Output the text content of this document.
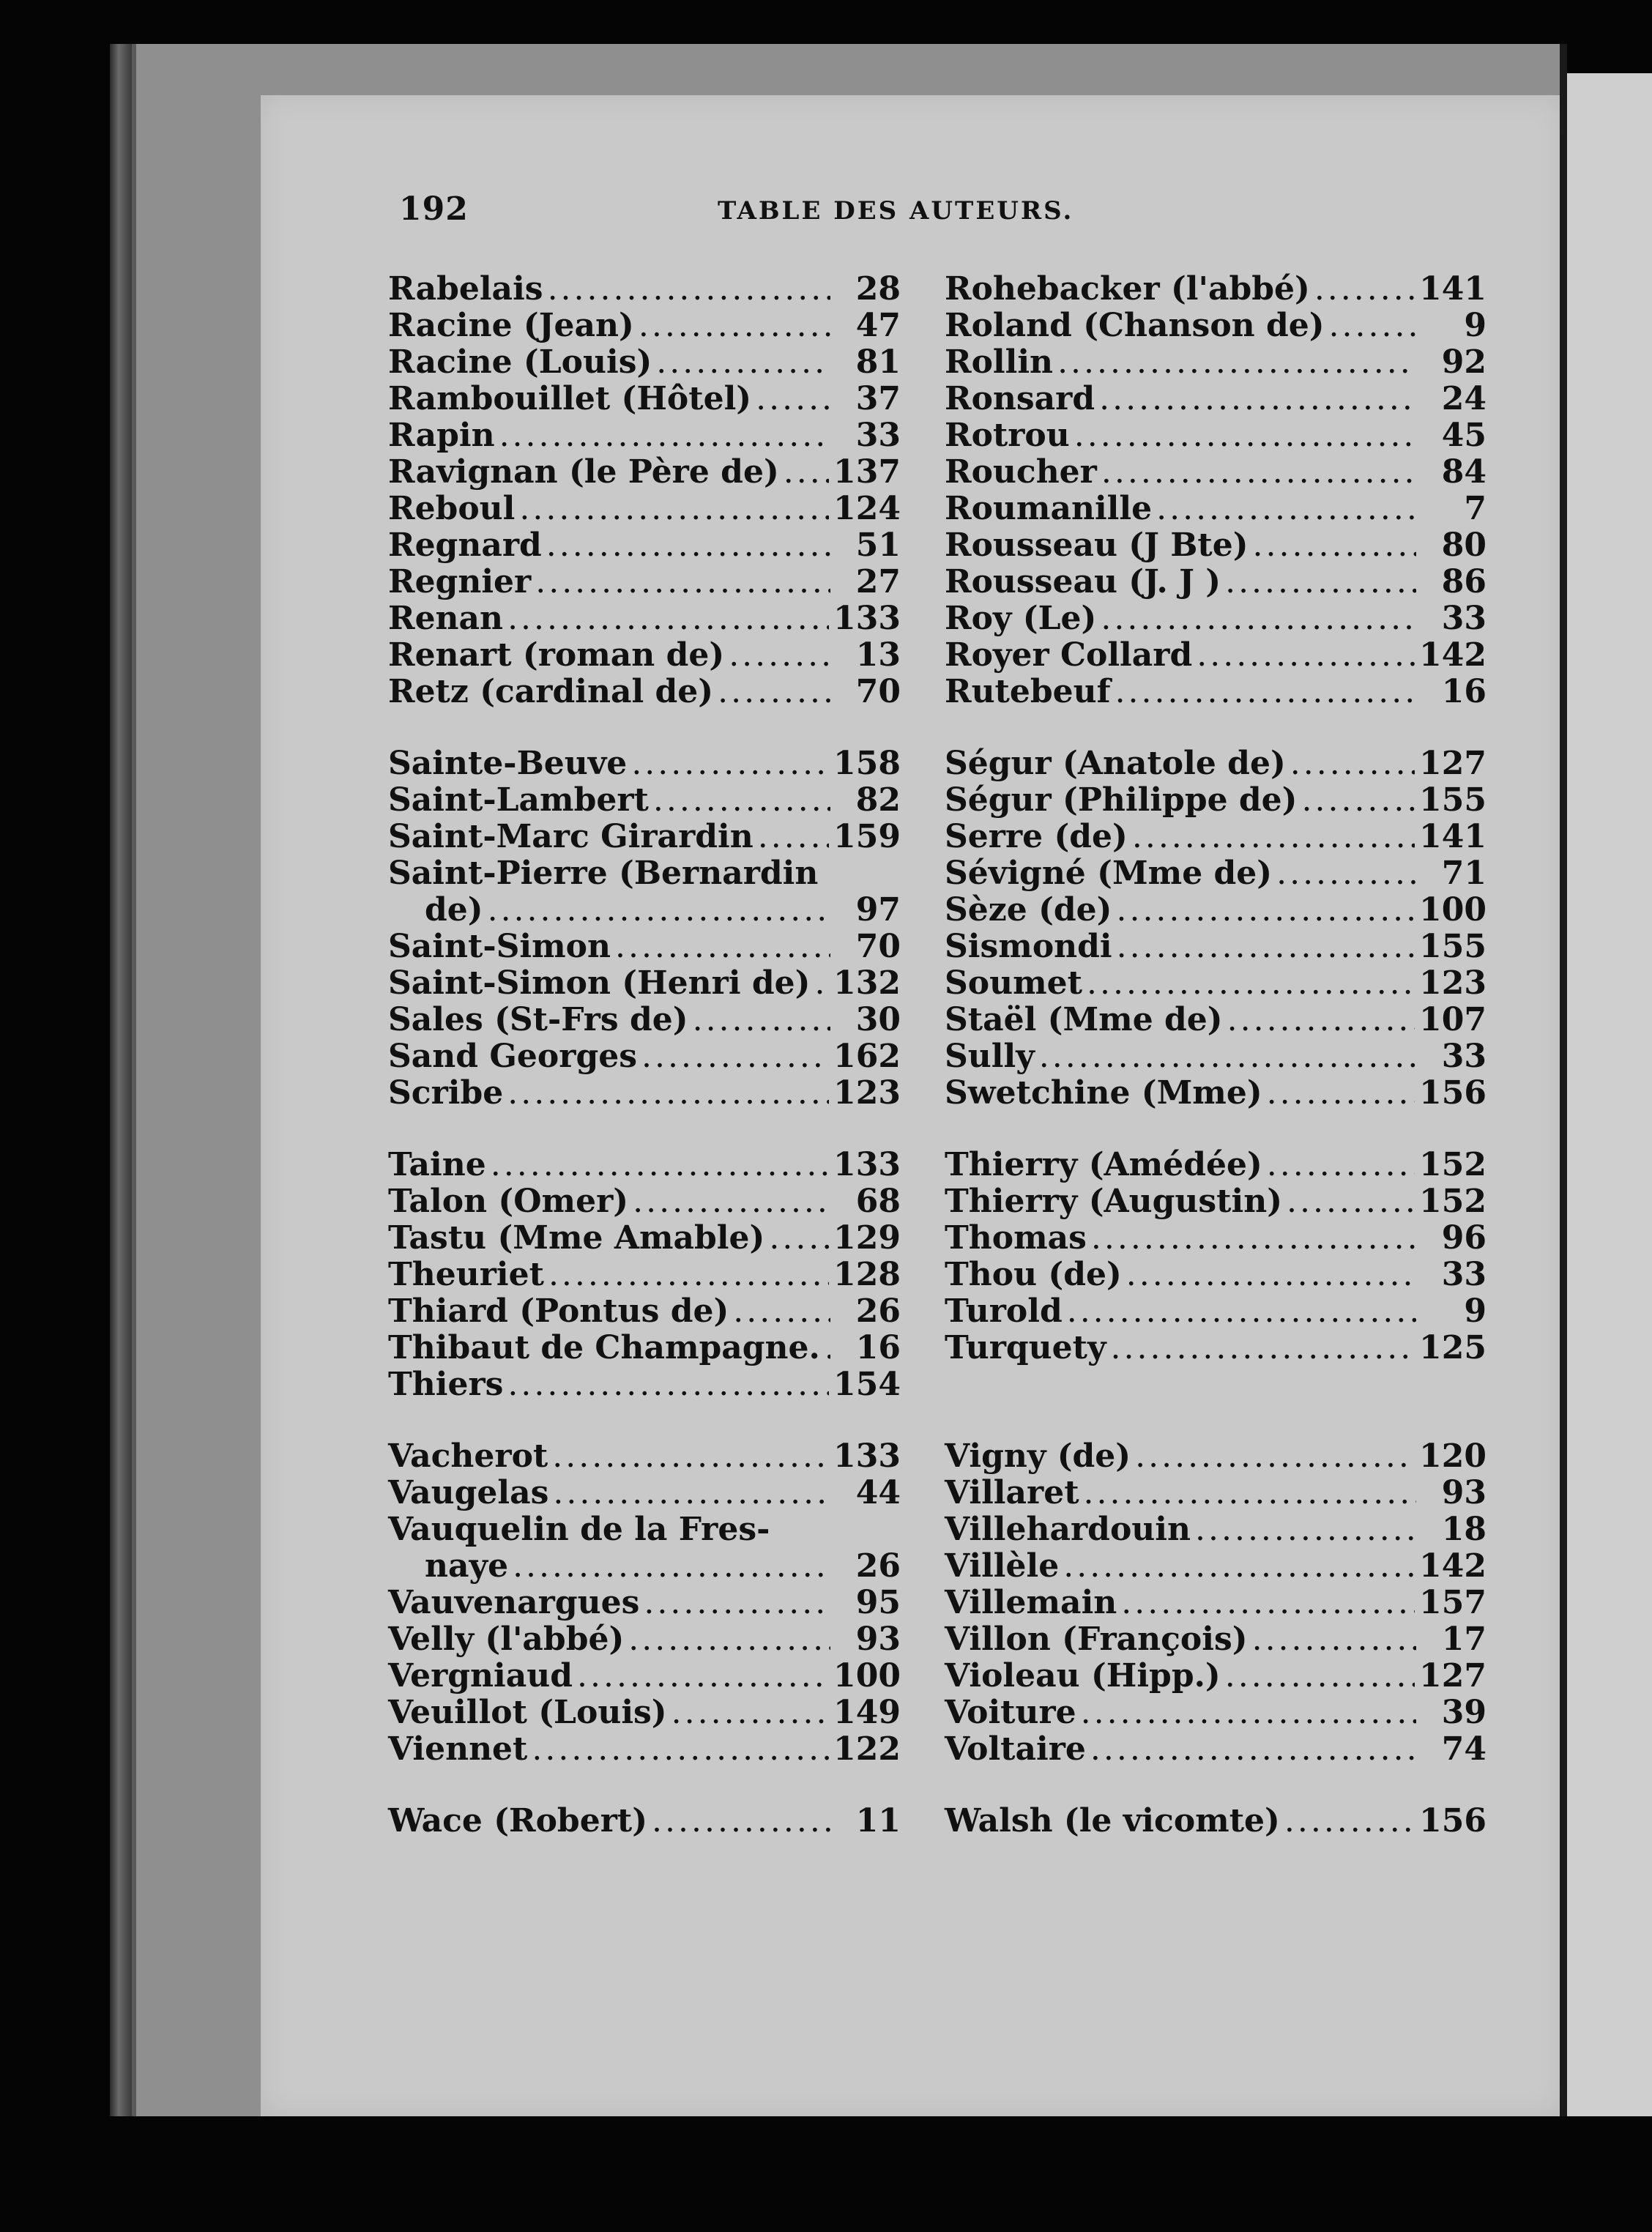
192	TABLE DES AUTEURS.
Rabelais .....	28
Racine (Jean) .....	47
Racine (Louis) .....	81
Rambouillet (Hôtel) .....	37
Rapin .....	33
Ravignan (le Père de) ..... 137
Reboul .....	124
Regnard .....	51
Regnier .....	27
Renan .....	133
Renart (roman de) .....	13
Retz (cardinal de) .....	70
Sainte-Beuve .....	158
Saint-Lambert .....	82
Saint-Marc Girardin ..... 159
Saint-Pierre (Bernardin
de) .....	97
Saint-Simon .....	70
Saint-Simon (Henri de) ..... 132
Sales (St-Frs de) .....	30
Sand Georges .....	162
Scribe .....	123
Taine .....	133
Talon (Omer) .....	68
Tastu (Mme Amable) ..... 129
Theuriet .....	128
Thiard (Pontus de) .....	26
Thibaut de Champagne. .....	16
Thiers .....	154
Vacherot .....	133
Vaugelas .....	44
Vauquelin de la Fres-
naye .....	26
Vauvenargues .....	95
Velly (l'abbé) .....	93
Vergniaud .....	100
Veuillot (Louis) .....	149
Viennet .....	122
Wace (Robert) .....	11
Rohebacker (l'abbé) .....	141
Roland (Chanson de) .....	9
Rollin .....	92
Ronsard .....	24
Rotrou .....	45
Roucher .....	84
Roumanille .....	7
Rousseau (J Bte) .....	80
Rousseau (J. J ) .....	86
Roy (Le) .....	33
Royer Collard .....	142
Rutebeuf .....	16
Ségur (Anatole de) .....	127
Ségur (Philippe de) .....	155
Serre (de) .....	141
Sévigné (Mme de) .....	71
Sèze (de) .....	100
Sismondi .....	155
Soumet .....	123
Staël (Mme de) .....	107
Sully .....	33
Swetchine (Mme) .....	156
Thierry (Amédée) .....	152
Thierry (Augustin) .....	152
Thomas .....	96
Thou (de) .....	33
Turold .....	9
Turquety .....	125
Vigny (de) .....	120
Villaret .....	93
Villehardouin .....	18
Villèle .....	142
Villemain .....	157
Villon (François) .....	17
Violeau (Hipp.) .....	127
Voiture .....	39
Voltaire .....	74
Walsh (le vicomte) .....	156
